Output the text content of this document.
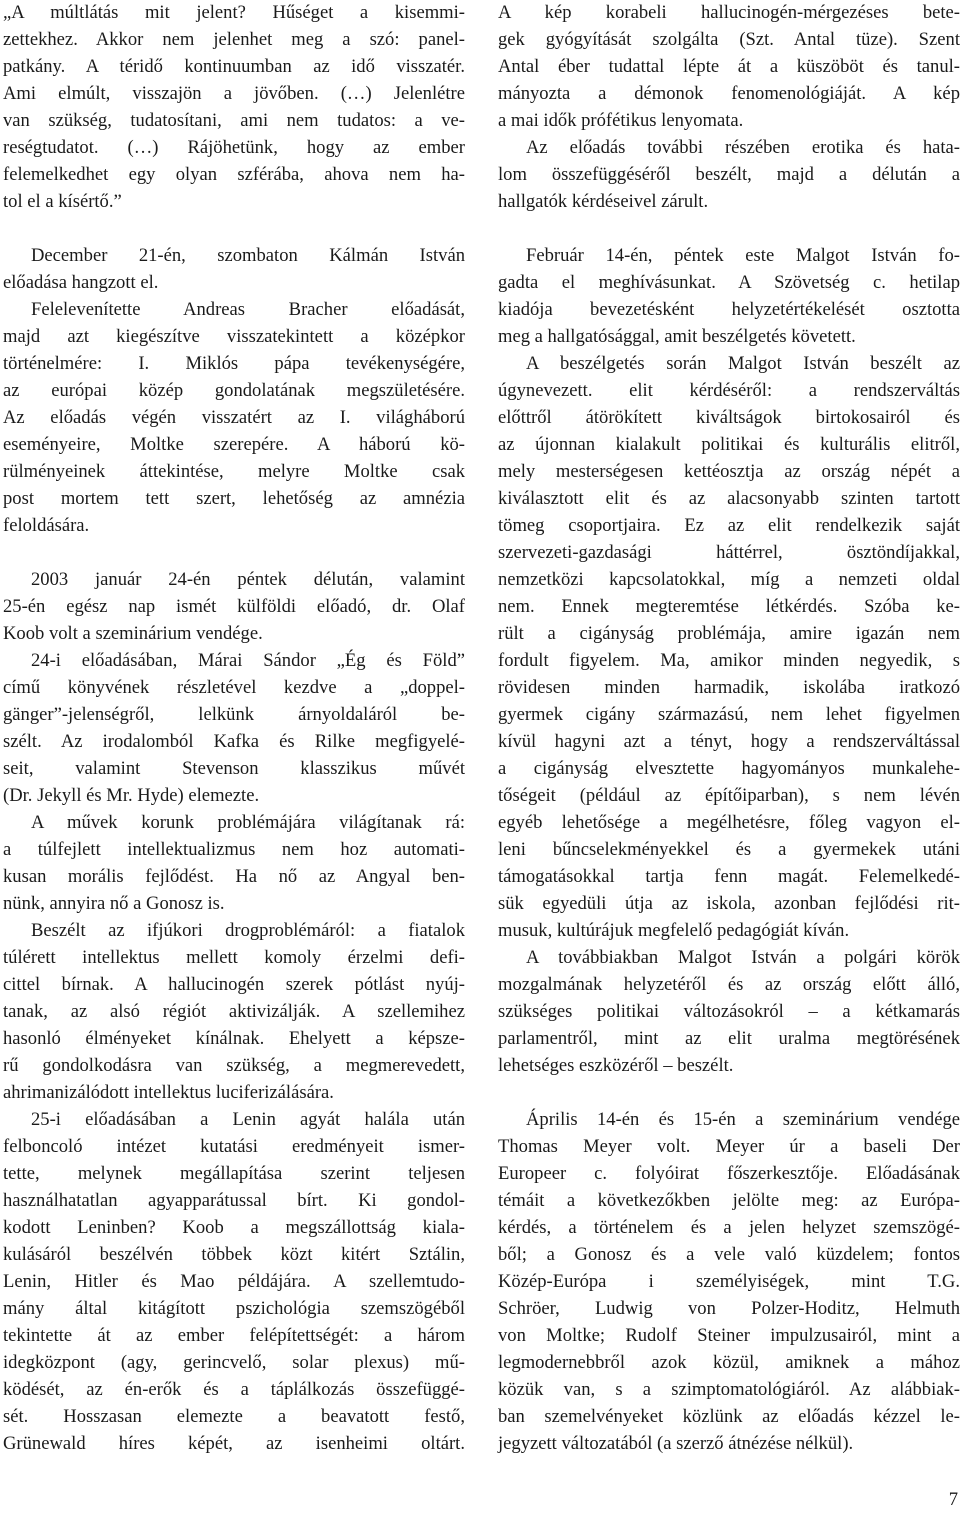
„A múltlátás mit jelent? Hűséget a kisemmi-
zettekhez. Akkor nem jelenhet meg a szó: panel-
patkány. A téridő kontinuumban az idő visszatér.
Ami elmúlt, visszajön a jövőben. (…) Jelenlétre
van szükség, tudatosítani, ami nem tudatos: a ve-
reségtudatot. (…) Rájöhetünk, hogy az ember
felemelkedhet egy olyan szférába, ahova nem ha-
tol el a kísértő.”
December 21-én, szombaton Kálmán István
előadása hangzott el.
Felelevenítette Andreas Bracher előadását,
majd azt kiegészítve visszatekintett a középkor
történelmére: I. Miklós pápa tevékenységére,
az európai közép gondolatának megszületésére.
Az előadás végén visszatért az I. világháború
eseményeire, Moltke szerepére. A háború kö-
rülményeinek áttekintése, melyre Moltke csak
post mortem tett szert, lehetőség az amnézia
feloldására.
2003 január 24-én péntek délután, valamint
25-én egész nap ismét külföldi előadó, dr. Olaf
Koob volt a szeminárium vendége.
24-i előadásában, Márai Sándor „Ég és Föld”
című könyvének részletével kezdve a „doppel-
gänger”-jelenségről, lelkünk árnyoldaláról be-
szélt. Az irodalomból Kafka és Rilke megfigyelé-
seit, valamint Stevenson klasszikus művét
(Dr. Jekyll és Mr. Hyde) elemezte.
A művek korunk problémájára világítanak rá:
a túlfejlett intellektualizmus nem hoz automati-
kusan morális fejlődést. Ha nő az Angyal ben-
nünk, annyira nő a Gonosz is.
Beszélt az ifjúkori drogproblémáról: a fiatalok
túlérett intellektus mellett komoly érzelmi defi-
cittel bírnak. A hallucinogén szerek pótlást nyúj-
tanak, az alsó régiót aktivizálják. A szellemihez
hasonló élményeket kínálnak. Ehelyett a képsze-
rű gondolkodásra van szükség, a megmerevedett,
ahrimanizálódott intellektus luciferizálására.
25-i előadásában a Lenin agyát halála után
felboncoló intézet kutatási eredményeit ismer-
tette, melynek megállapítása szerint teljesen
használhatatlan agyapparátussal bírt. Ki gondol-
kodott Leninben? Koob a megszállottság kiala-
kulásáról beszélvén többek közt kitért Sztálin,
Lenin, Hitler és Mao példájára. A szellemtudo-
mány által kitágított pszichológia szemszögéből
tekintette át az ember felépítettségét: a három
idegközpont (agy, gerincvelő, solar plexus) mű-
ködését, az én-erők és a táplálkozás összefüggé-
sét. Hosszasan elemezte a beavatott festő,
Grünewald híres képét, az isenheimi oltárt.
A kép korabeli hallucinogén-mérgezéses bete-
gek gyógyítását szolgálta (Szt. Antal tüze). Szent
Antal éber tudattal lépte át a küszöböt és tanul-
mányozta a démonok fenomenológiáját. A kép
a mai idők prófétikus lenyomata.
Az előadás további részében erotika és hata-
lom összefüggéséről beszélt, majd a délután a
hallgatók kérdéseivel zárult.
Február 14-én, péntek este Malgot István fo-
gadta el meghívásunkat. A Szövetség c. hetilap
kiadója bevezetésként helyzetértékelését osztotta
meg a hallgatósággal, amit beszélgetés követett.
A beszélgetés során Malgot István beszélt az
úgynevezett. elit kérdéséről: a rendszerváltás
előttről átörökített kiváltságok birtokosairól és
az újonnan kialakult politikai és kulturális elitről,
mely mesterségesen kettéosztja az ország népét a
kiválasztott elit és az alacsonyabb szinten tartott
tömeg csoportjaira. Ez az elit rendelkezik saját
szervezeti-gazdasági háttérrel, ösztöndíjakkal,
nemzetközi kapcsolatokkal, míg a nemzeti oldal
nem. Ennek megteremtése létkérdés. Szóba ke-
rült a cigányság problémája, amire igazán nem
fordult figyelem. Ma, amikor minden negyedik, s
rövidesen minden harmadik, iskolába iratkozó
gyermek cigány származású, nem lehet figyelmen
kívül hagyni azt a tényt, hogy a rendszerváltással
a cigányság elvesztette hagyományos munkalehe-
tőségeit (például az építőiparban), s nem lévén
egyéb lehetősége a megélhetésre, főleg vagyon el-
leni bűncselekményekkel és a gyermekek utáni
támogatásokkal tartja fenn magát. Felemelkedé-
sük egyedüli útja az iskola, azonban fejlődési rit-
musuk, kultúrájuk megfelelő pedagógiát kíván.
A továbbiakban Malgot István a polgári körök
mozgalmának helyzetéről és az ország előtt álló,
szükséges politikai változásokról – a kétkamarás
parlamentről, mint az elit uralma megtörésének
lehetséges eszközéről – beszélt.
Április 14-én és 15-én a szeminárium vendége
Thomas Meyer volt. Meyer úr a baseli Der
Europeer c. folyóirat főszerkesztője. Előadásának
témáit a következőkben jelölte meg: az Európa-
kérdés, a történelem és a jelen helyzet szemszögé-
ből; a Gonosz és a vele való küzdelem; fontos
Közép-Európa i személyiségek, mint T.G.
Schröer, Ludwig von Polzer-Hoditz, Helmuth
von Moltke; Rudolf Steiner impulzusairól, mint a
legmodernebbről azok közül, amiknek a mához
közük van, s a szimptomatológiáról. Az alábbiak-
ban szemelvényeket közlünk az előadás kézzel le-
jegyzett változatából (a szerző átnézése nélkül).
7
